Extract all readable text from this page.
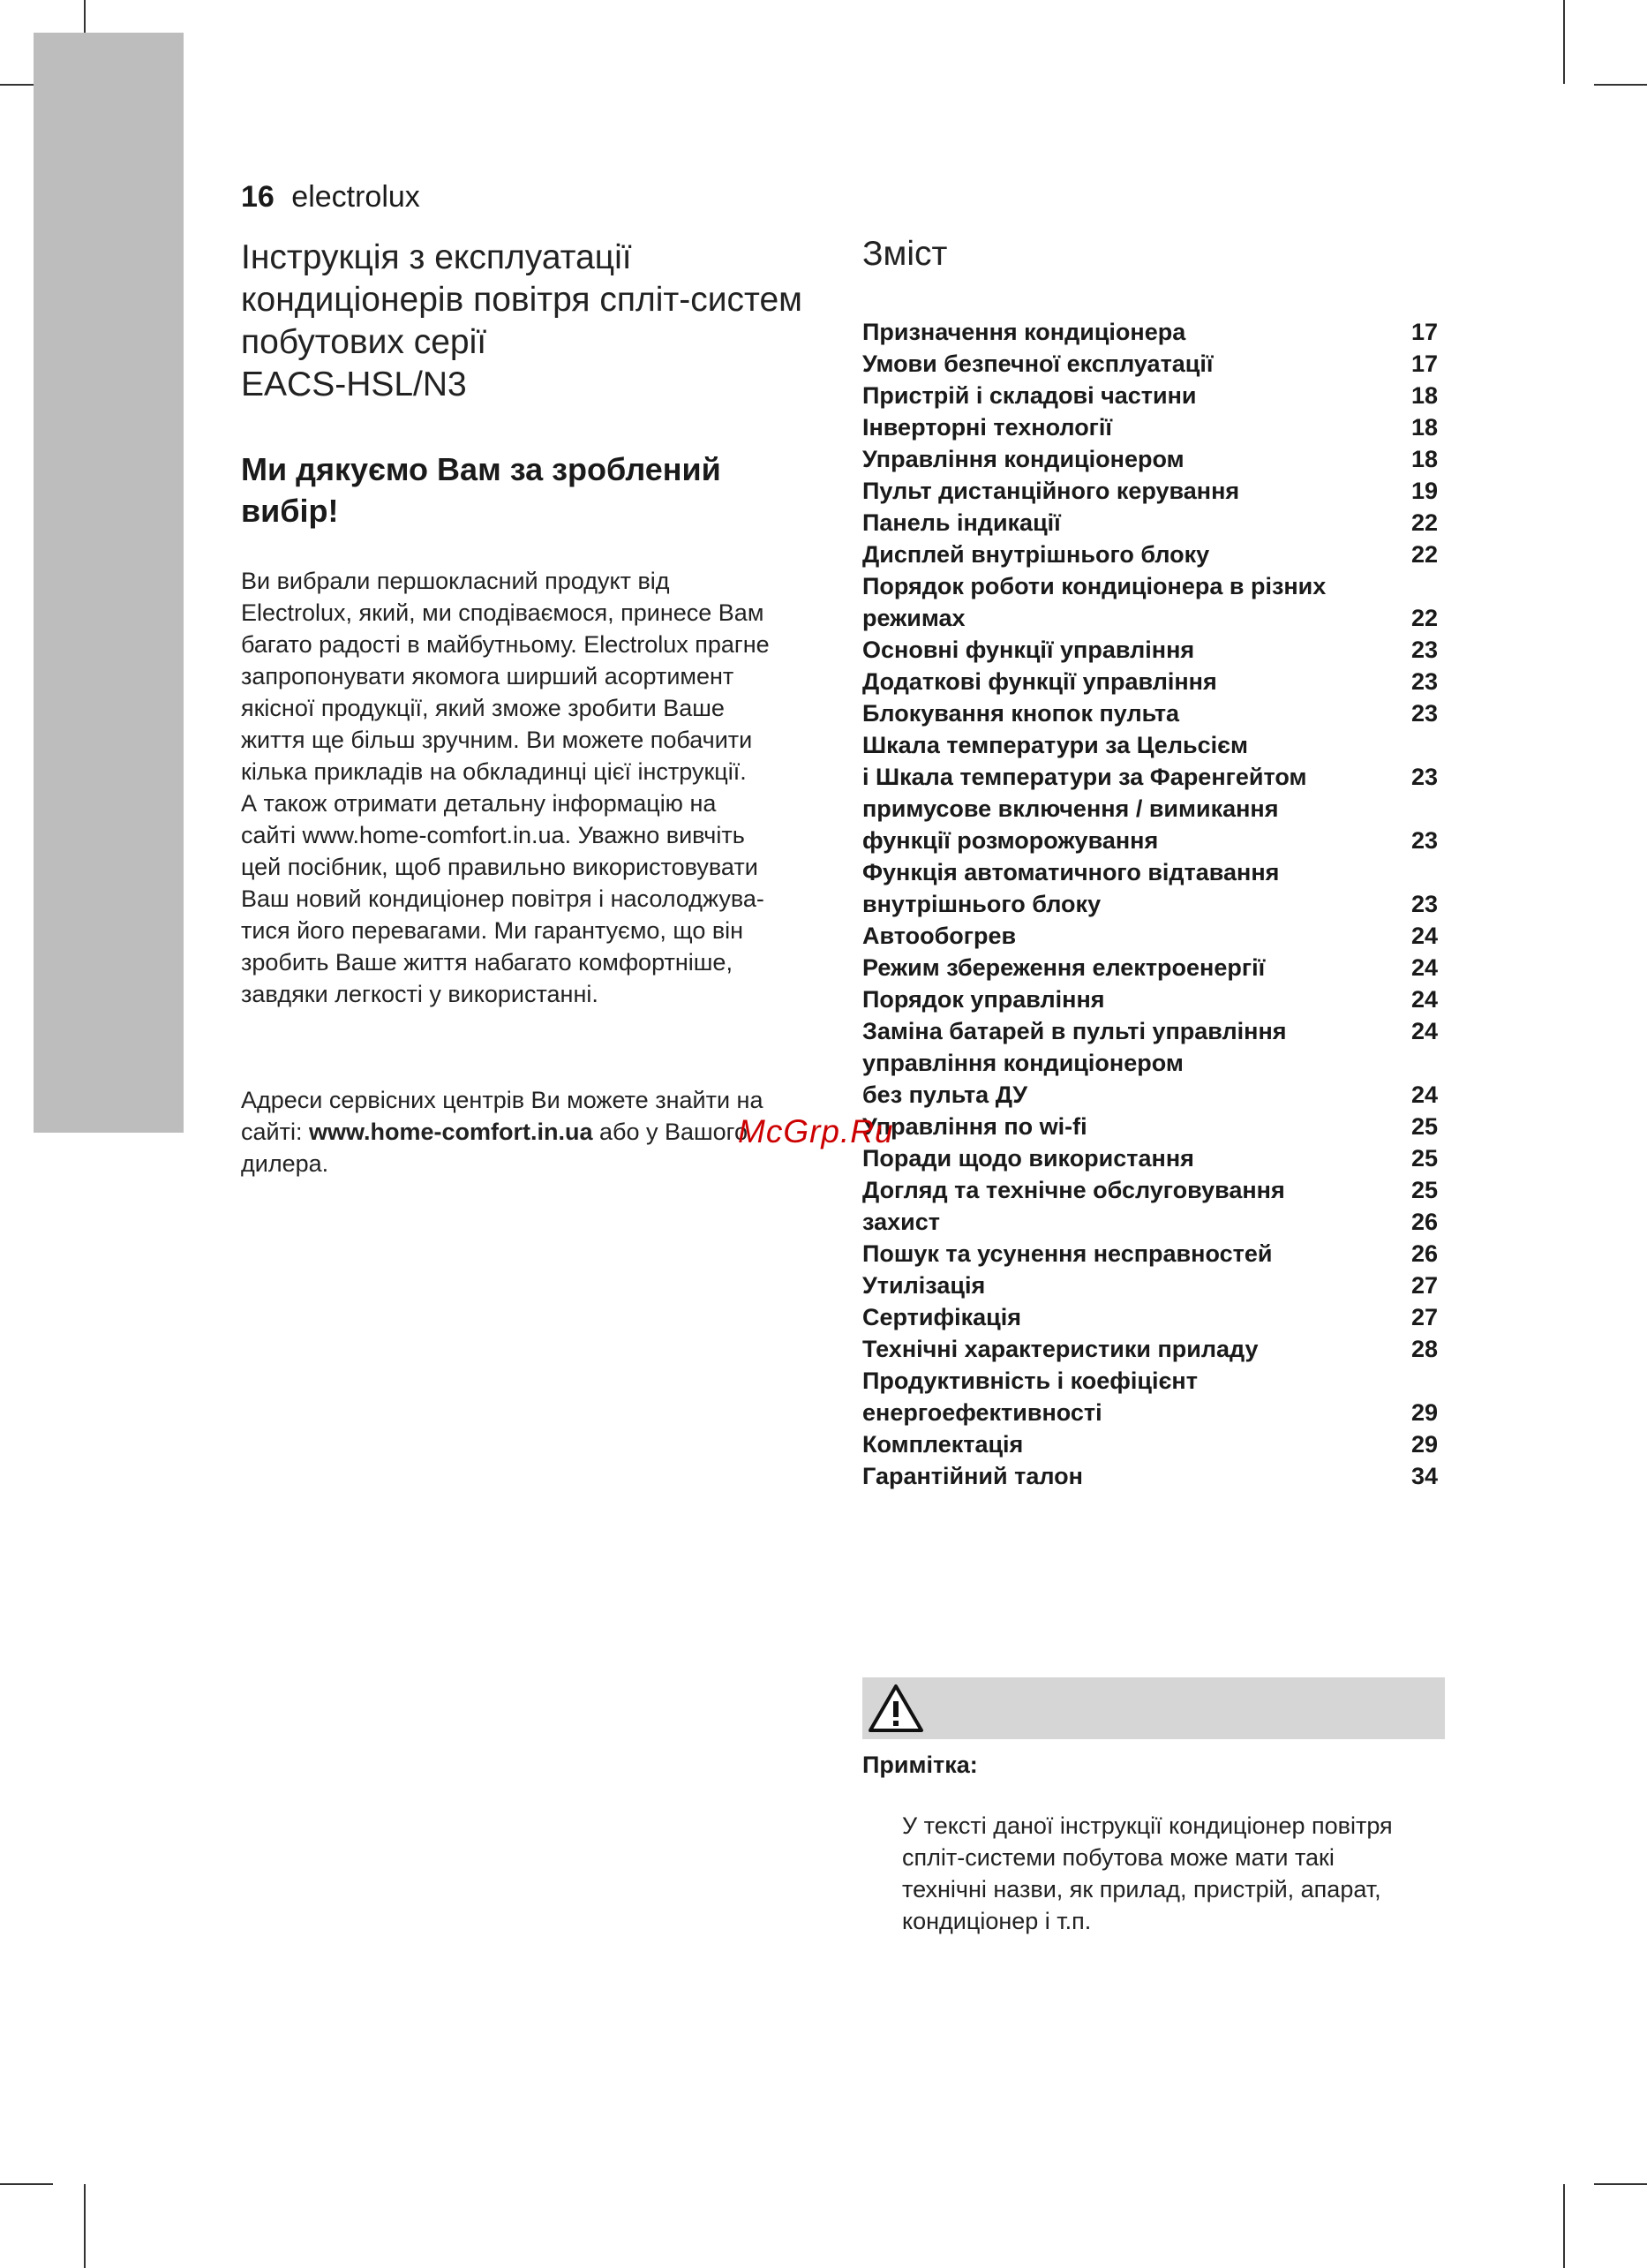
16 electrolux
Інструкція з експлуатації
кондиціонерів повітря спліт-систем
побутових серії
EACS-HSL/N3
Ми дякуємо Вам за зроблений
вибір!

Ви вибрали першокласний продукт від
Electrolux, який, ми сподіваємося, принесе Вам
багато радості в майбутньому. Electrolux прагне
запропонувати якомога ширший асортимент
якісної продукції, який зможе зробити Ваше
життя ще більш зручним. Ви можете побачити
кілька прикладів на обкладинці цієї інструкції.
А також отримати детальну інформацію на
сайті www.home-comfort.in.ua. Уважно вивчіть
цей посібник, щоб правильно використовувати
Ваш новий кондиціонер повітря і насолоджува-
тися його перевагами. Ми гарантуємо, що він
зробить Ваше життя набагато комфортніше,
завдяки легкості у використанні.

Адреси сервісних центрів Ви можете знайти на
сайті: www.home-comfort.in.ua або у Вашого
дилера.

Зміст
Призначення кондиціонера	17
Умови безпечної експлуатації	17
Пристрій і складові частини	18
Інверторні технології	18
Управління кондиціонером	18
Пульт дистанційного керування	19
Панель індикації	22
Дисплей внутрішнього блоку	22
Порядок роботи кондиціонера в різних
режимах	22
Основні функції управління	23
Додаткові функції управління	23
Блокування кнопок пульта	23
Шкала температури за Цельсієм
і Шкала температури за Фаренгейтом	23
примусове включення / вимикання
функції розморожування	23
Функція автоматичного відтавання
внутрішнього блоку	23
Автообогрев	24
Режим збереження електроенергії	24
Порядок управління	24
Заміна батарей в пульті управління	24
управління кондиціонером
без пульта ДУ	24
Управління по wi-fi	25
Поради щодо використання	25
Догляд та технічне обслуговування	25
захист	26
Пошук та усунення несправностей	26
Утилізація	27
Сертифікація	27
Технічні характеристики приладу	28
Продуктивність і коефіцієнт
енергоефективності	29
Комплектація	29
Гарантійний талон	34
Примітка:

У тексті даної інструкції кондиціонер повітря
спліт-системи побутова може мати такі
технічні назви, як прилад, пристрій, апарат,
кондиціонер і т.п.

McGrp.Ru
